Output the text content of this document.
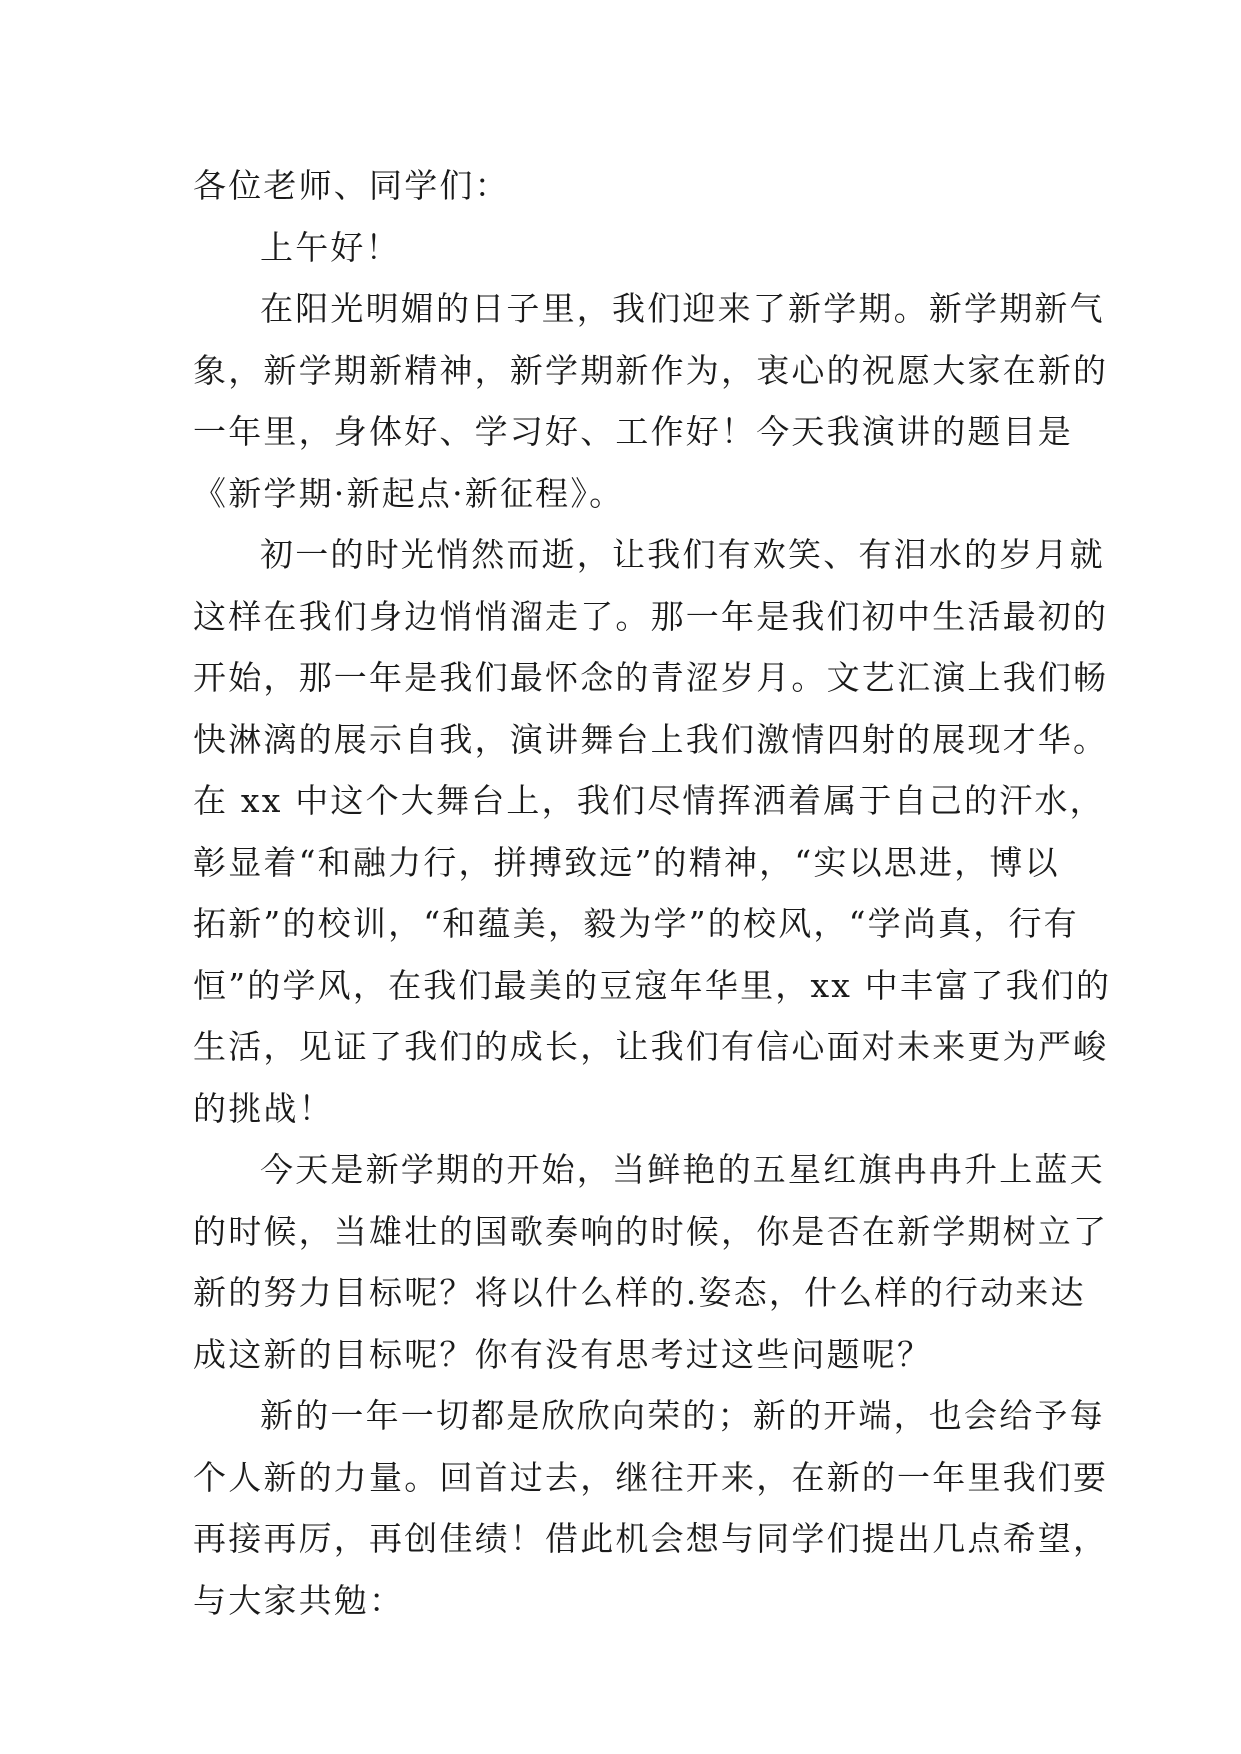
各位老师、同学们：
上午好！
在阳光明媚的日子里，我们迎来了新学期。新学期新气
象，新学期新精神，新学期新作为，衷心的祝愿大家在新的
一年里，身体好、学习好、工作好！今天我演讲的题目是
《新学期·新起点·新征程》。
初一的时光悄然而逝，让我们有欢笑、有泪水的岁月就
这样在我们身边悄悄溜走了。那一年是我们初中生活最初的
开始，那一年是我们最怀念的青涩岁月。文艺汇演上我们畅
快淋漓的展示自我，演讲舞台上我们激情四射的展现才华。
在 xx 中这个大舞台上，我们尽情挥洒着属于自己的汗水，
彰显着“和融力行，拼搏致远”的精神，“实以思进，博以
拓新”的校训，“和蕴美，毅为学”的校风，“学尚真，行有
恒”的学风，在我们最美的豆寇年华里，xx 中丰富了我们的
生活，见证了我们的成长，让我们有信心面对未来更为严峻
的挑战！
今天是新学期的开始，当鲜艳的五星红旗冉冉升上蓝天
的时候，当雄壮的国歌奏响的时候，你是否在新学期树立了
新的努力目标呢？将以什么样的.姿态，什么样的行动来达
成这新的目标呢？你有没有思考过这些问题呢？
新的一年一切都是欣欣向荣的；新的开端，也会给予每
个人新的力量。回首过去，继往开来，在新的一年里我们要
再接再厉，再创佳绩！借此机会想与同学们提出几点希望，
与大家共勉：
